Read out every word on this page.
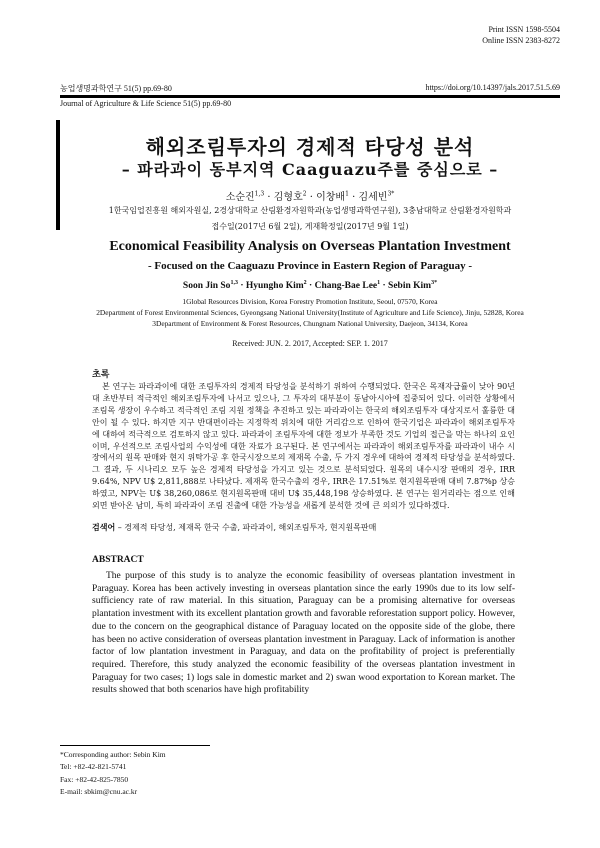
Print ISSN 1598-5504
Online ISSN 2383-8272
농업생명과학연구 51(5) pp.69-80	https://doi.org/10.14397/jals.2017.51.5.69
Journal of Agriculture & Life Science 51(5) pp.69-80
해외조림투자의 경제적 타당성 분석
– 파라과이 동부지역 Caaguazu주를 중심으로 –
소순진$^{1,3}$ · 김형호$^2$ · 이창배$^1$ · 김세빈$^{3*}$
1한국임업진흥원 해외자원실, 2경상대학교 산림환경자원학과(농업생명과학연구원), 3충남대학교 산림환경자원학과
접수일(2017년 6월 2일), 게재확정일(2017년 9월 1일)
Economical Feasibility Analysis on Overseas Plantation Investment
- Focused on the Caaguazu Province in Eastern Region of Paraguay -
Soon Jin So$^{1,3}$ · Hyungho Kim$^2$ · Chang-Bae Lee$^1$ · Sebin Kim$^{3*}$
1Global Resources Division, Korea Forestry Promotion Institute, Seoul, 07570, Korea
2Department of Forest Environmental Sciences, Gyeongsang National University(Institute of Agriculture and Life Science), Jinju, 52828, Korea
3Department of Environment & Forest Resources, Chungnam National University, Daejeon, 34134, Korea
Received: JUN. 2. 2017, Accepted: SEP. 1. 2017
초록
본 연구는 파라과이에 대한 조림투자의 경제적 타당성을 분석하기 위하여 수행되었다. 한국은 목재자급률이 낮아 90년대 초반부터 적극적인 해외조림투자에 나서고 있으나, 그 투자의 대부분이 동남아시아에 집중되어 있다. 이러한 상황에서 조림목 생장이 우수하고 적극적인 조림 지원 정책을 추진하고 있는 파라과이는 한국의 해외조림투자 대상지로서 훌륭한 대안이 될 수 있다. 하지만 지구 반대편이라는 지정학적 위치에 대한 거리감으로 인하여 한국기업은 파라과이 해외조림투자에 대하여 적극적으로 검토하지 않고 있다. 파라과이 조림투자에 대한 정보가 부족한 것도 기업의 접근을 막는 하나의 요인이며, 우선적으로 조림사업의 수익성에 대한 자료가 요구된다. 본 연구에서는 파라과이 해외조림투자를 파라과이 내수 시장에서의 원목 판매와 현지 위탁가공 후 한국시장으로의 제재목 수출, 두 가지 경우에 대하여 경제적 타당성을 분석하였다. 그 결과, 두 시나리오 모두 높은 경제적 타당성을 가지고 있는 것으로 분석되었다. 원목의 내수시장 판매의 경우, IRR 9.64%, NPV U$ 2,811,888로 나타났다. 제재목 한국수출의 경우, IRR은 17.51%로 현지원목판매 대비 7.87%p 상승하였고, NPV는 U$ 38,260,086로 현지원목판매 대비 U$ 35,448,198 상승하였다. 본 연구는 원거리라는 점으로 인해 외면 받아온 남미, 특히 파라과이 조림 진출에 대한 가능성을 새롭게 분석한 것에 큰 의의가 있다하겠다.
검색어 – 경제적 타당성, 제재목 한국 수출, 파라과이, 해외조림투자, 현지원목판매
ABSTRACT
The purpose of this study is to analyze the economic feasibility of overseas plantation investment in Paraguay. Korea has been actively investing in overseas plantation since the early 1990s due to its low self-sufficiency rate of raw material. In this situation, Paraguay can be a promising alternative for overseas plantation investment with its excellent plantation growth and favorable reforestation support policy. However, due to the concern on the geographical distance of Paraguay located on the opposite side of the globe, there has been no active consideration of overseas plantation investment in Paraguay. Lack of information is another factor of low plantation investment in Paraguay, and data on the profitability of project is preferentially required. Therefore, this study analyzed the economic feasibility of the overseas plantation investment in Paraguay for two cases; 1) logs sale in domestic market and 2) swan wood exportation to Korean market. The results showed that both scenarios have high profitability
*Corresponding author: Sebin Kim
Tel: +82-42-821-5741
Fax: +82-42-825-7850
E-mail: sbkim@cnu.ac.kr
